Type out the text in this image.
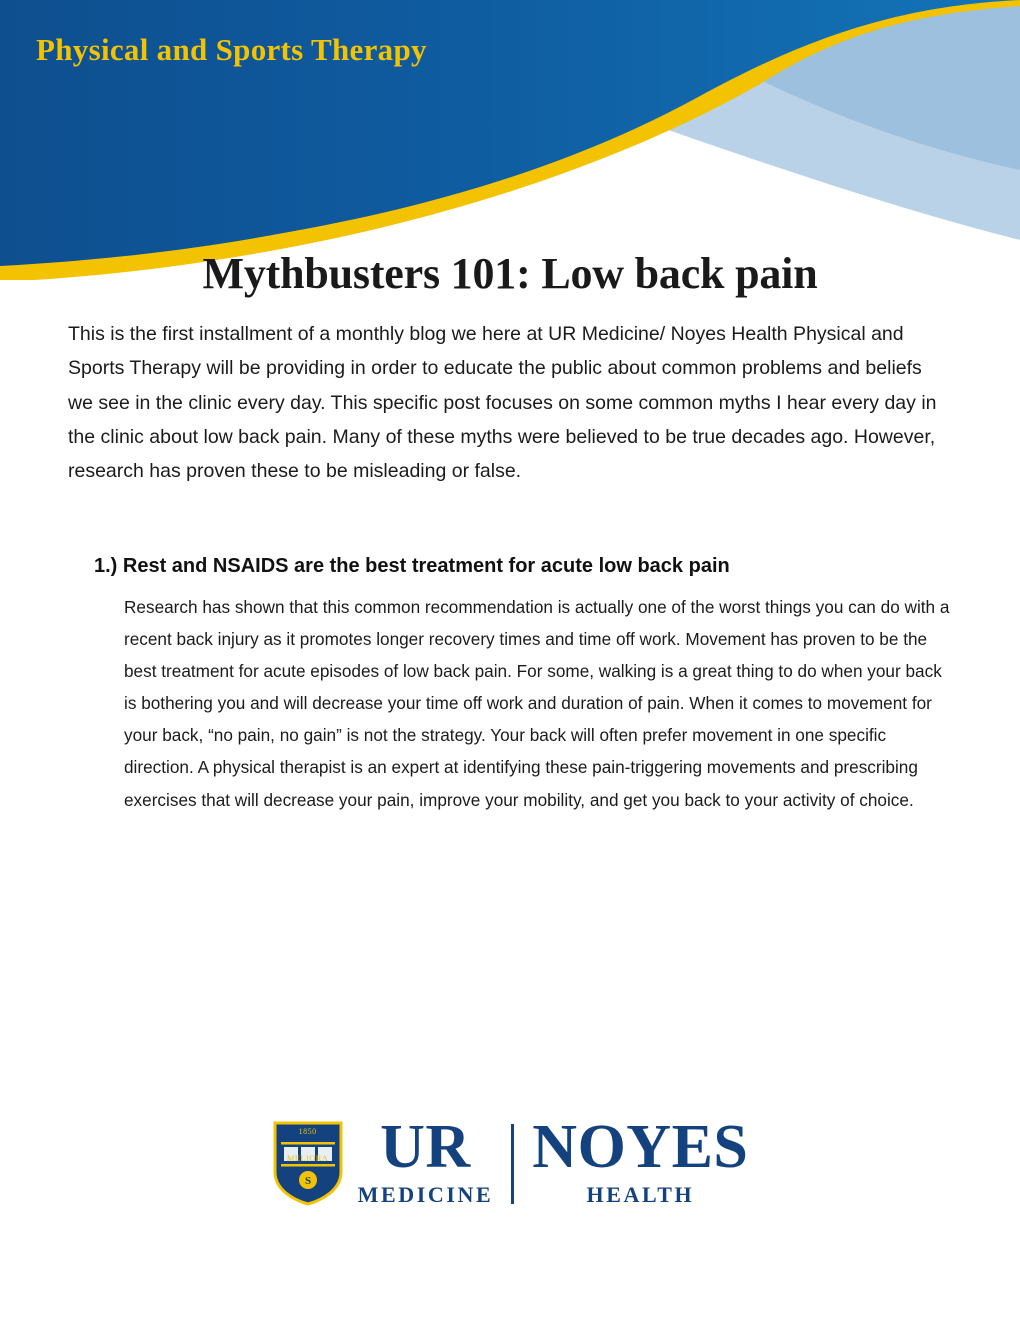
Physical and Sports Therapy
Mythbusters 101: Low back pain

This is the first installment of a monthly blog we here at UR Medicine/ Noyes Health Physical and Sports Therapy will be providing in order to educate the public about common problems and beliefs we see in the clinic every day. This specific post focuses on some common myths I hear every day in the clinic about low back pain. Many of these myths were believed to be true decades ago. However, research has proven these to be misleading or false.

1.) Rest and NSAIDS are the best treatment for acute low back pain

Research has shown that this common recommendation is actually one of the worst things you can do with a recent back injury as it promotes longer recovery times and time off work. Movement has proven to be the best treatment for acute episodes of low back pain. For some, walking is a great thing to do when your back is bothering you and will decrease your time off work and duration of pain. When it comes to movement for your back, “no pain, no gain” is not the strategy. Your back will often prefer movement in one specific direction. A physical therapist is an expert at identifying these pain-triggering movements and prescribing exercises that will decrease your pain, improve your mobility, and get you back to your activity of choice.

S
1850
MELIORA UR
MEDICINE
NOYES
HEALTH
